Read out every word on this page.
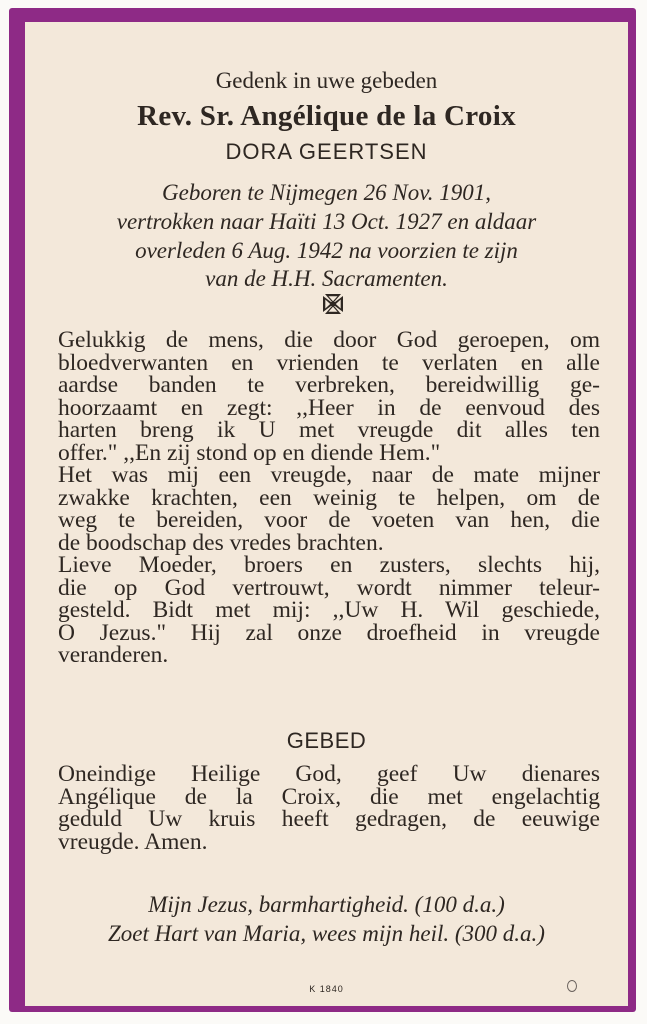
Gedenk in uwe gebeden
Rev. Sr. Angélique de la Croix
DORA GEERTSEN
Geboren te Nijmegen 26 Nov. 1901,
vertrokken naar Haïti 13 Oct. 1927 en aldaar
overleden 6 Aug. 1942 na voorzien te zijn
van de H.H. Sacramenten.
Gelukkig de mens, die door God geroepen, om
bloedverwanten en vrienden te verlaten en alle
aardse banden te verbreken, bereidwillig ge-
hoorzaamt en zegt: ,,Heer in de eenvoud des
harten breng ik U met vreugde dit alles ten
offer." ,,En zij stond op en diende Hem."
Het was mij een vreugde, naar de mate mijner
zwakke krachten, een weinig te helpen, om de
weg te bereiden, voor de voeten van hen, die
de boodschap des vredes brachten.
Lieve Moeder, broers en zusters, slechts hij,
die op God vertrouwt, wordt nimmer teleur-
gesteld. Bidt met mij: ,,Uw H. Wil geschiede,
O Jezus." Hij zal onze droefheid in vreugde
veranderen.
GEBED
Oneindige Heilige God, geef Uw dienares
Angélique de la Croix, die met engelachtig
geduld Uw kruis heeft gedragen, de eeuwige
vreugde. Amen.
Mijn Jezus, barmhartigheid. (100 d.a.)
Zoet Hart van Maria, wees mijn heil. (300 d.a.)
K 1840
